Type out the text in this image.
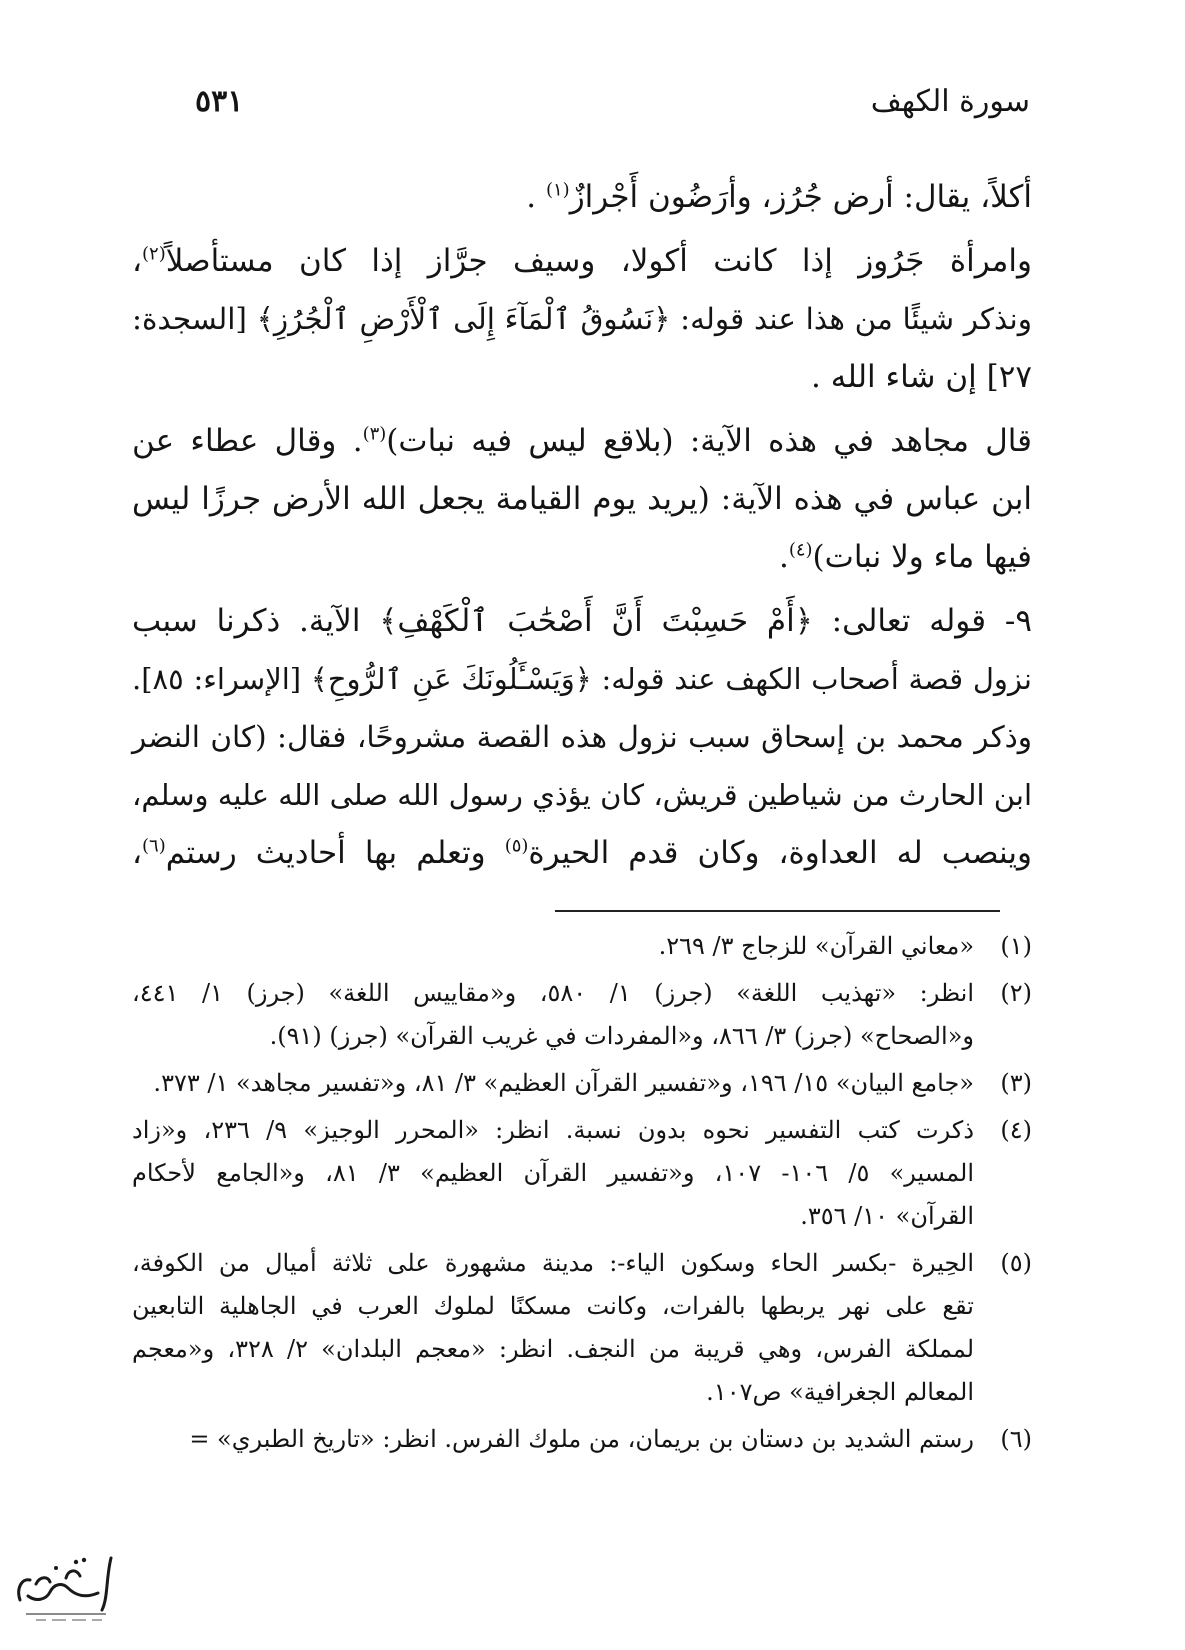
سورة الكهف
٥٣١
أكلاً، يقال: أرض جُرُز، وأرَضُون أَجْرازٌ$^{(١)}$ .
وامرأة جَرُوز إذا كانت أكولا، وسيف جرَّاز إذا كان مستأصلاً$^{(٢)}$،
ونذكر شيئًا من هذا عند قوله: ﴿نَسُوقُ ٱلْمَآءَ إِلَى ٱلْأَرْضِ ٱلْجُرُزِ﴾ [السجدة:
٢٧] إن شاء الله .
قال مجاهد في هذه الآية: (بلاقع ليس فيه نبات)$^{(٣)}$. وقال عطاء عن
ابن عباس في هذه الآية: (يريد يوم القيامة يجعل الله الأرض جرزًا ليس
فيها ماء ولا نبات)$^{(٤)}$.
٩- قوله تعالى: ﴿أَمْ حَسِبْتَ أَنَّ أَصْحَٰبَ ٱلْكَهْفِ﴾ الآية. ذكرنا سبب
نزول قصة أصحاب الكهف عند قوله: ﴿وَيَسْـَٔلُونَكَ عَنِ ٱلرُّوحِ﴾ [الإسراء: ٨٥].
وذكر محمد بن إسحاق سبب نزول هذه القصة مشروحًا، فقال: (كان النضر
ابن الحارث من شياطين قريش، كان يؤذي رسول الله صلى الله عليه وسلم،
وينصب له العداوة، وكان قدم الحيرة$^{(٥)}$ وتعلم بها أحاديث رستم$^{(٦)}$،
(١)
«معاني القرآن» للزجاج ٣/ ٢٦٩.
(٢)
انظر: «تهذيب اللغة» (جرز) ١/ ٥٨٠، و«مقاييس اللغة» (جرز) ١/ ٤٤١،
و«الصحاح» (جرز) ٣/ ٨٦٦، و«المفردات في غريب القرآن» (جرز) (٩١).
(٣)
«جامع البيان» ١٥/ ١٩٦، و«تفسير القرآن العظيم» ٣/ ٨١، و«تفسير مجاهد» ١/ ٣٧٣.
(٤)
ذكرت كتب التفسير نحوه بدون نسبة. انظر: «المحرر الوجيز» ٩/ ٢٣٦، و«زاد
المسير» ٥/ ١٠٦- ١٠٧، و«تفسير القرآن العظيم» ٣/ ٨١، و«الجامع لأحكام
القرآن» ١٠/ ٣٥٦.
(٥)
الحِيرة -بكسر الحاء وسكون الياء-: مدينة مشهورة على ثلاثة أميال من الكوفة،
تقع على نهر يربطها بالفرات، وكانت مسكنًا لملوك العرب في الجاهلية التابعين
لمملكة الفرس، وهي قريبة من النجف. انظر: «معجم البلدان» ٢/ ٣٢٨، و«معجم
المعالم الجغرافية» ص١٠٧.
(٦)
رستم الشديد بن دستان بن بريمان، من ملوك الفرس. انظر: «تاريخ الطبري» =
